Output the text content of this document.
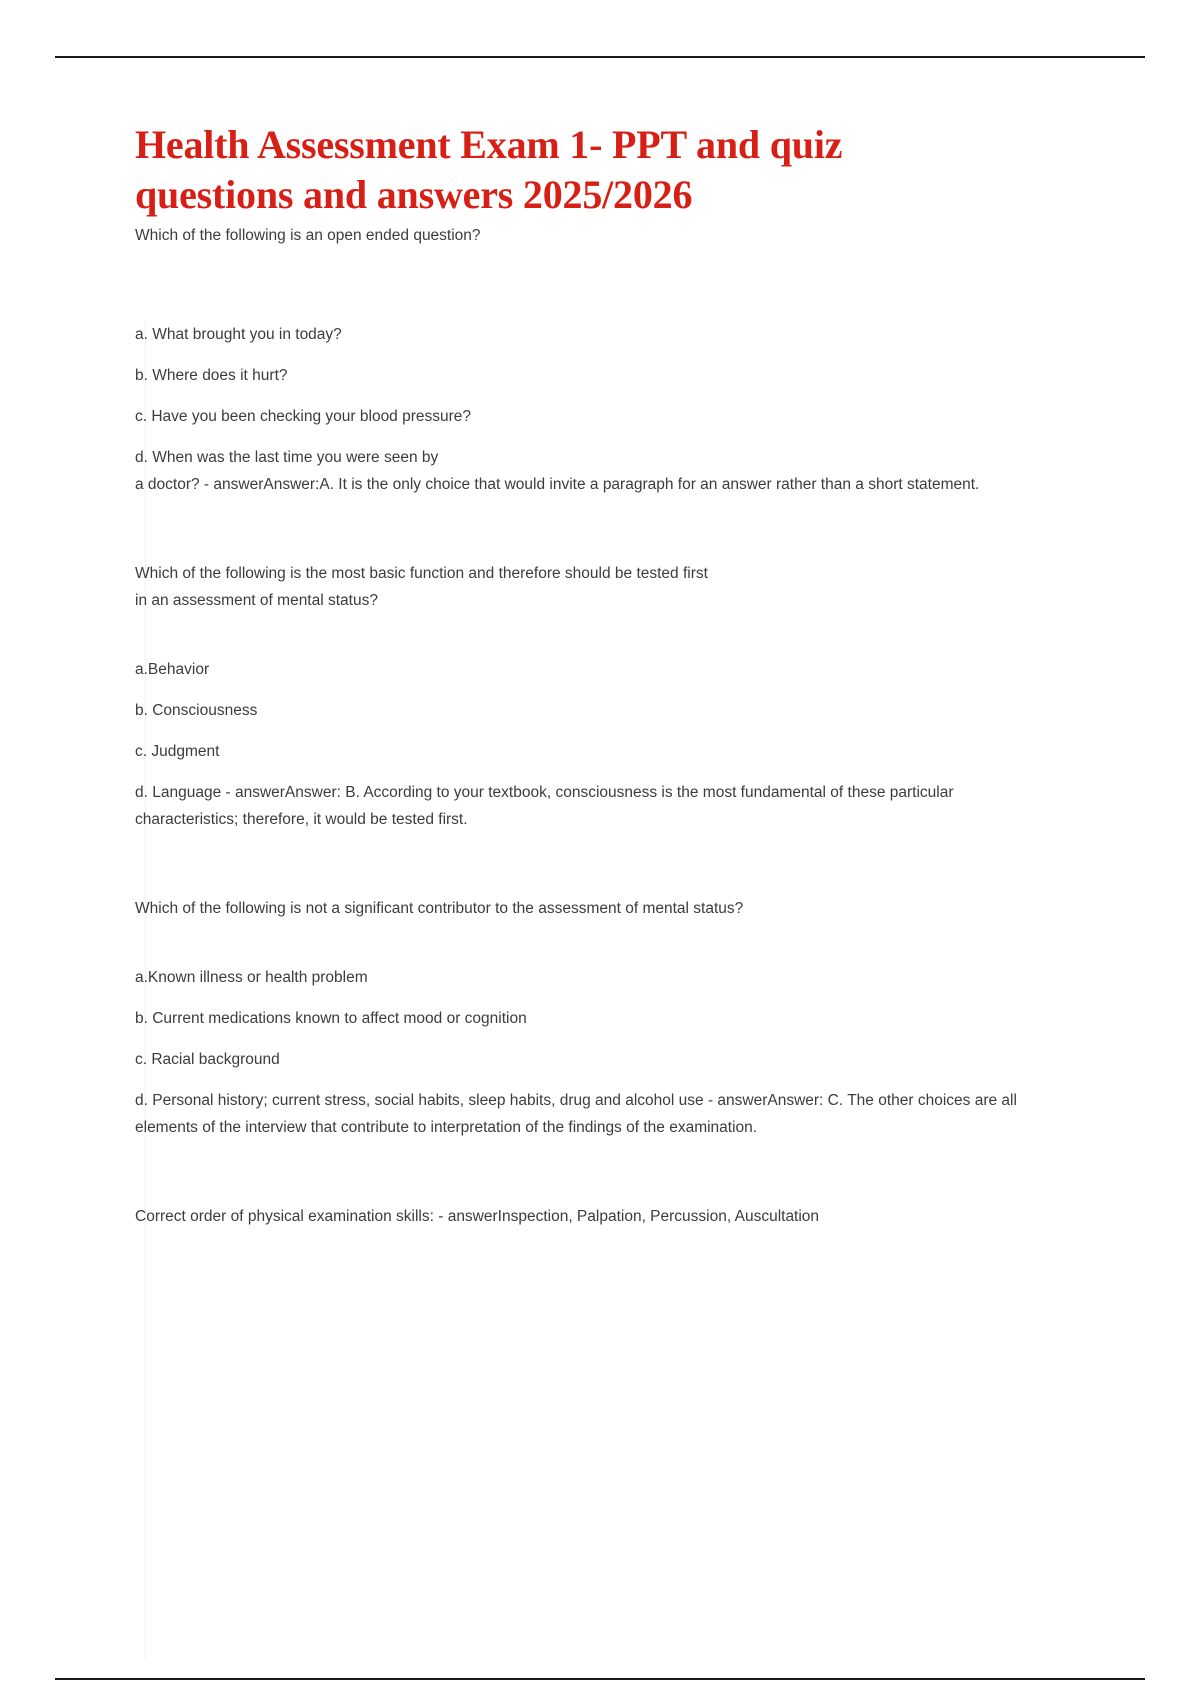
Health Assessment Exam 1- PPT and quiz questions and answers 2025/2026

Which of the following is an open ended question?

a. What brought you in today?

b. Where does it hurt?

c. Have you been checking your blood pressure?

d. When was the last time you were seen by

a doctor? - answerAnswer:A. It is the only choice that would invite a paragraph for an answer rather than a short statement.

Which of the following is the most basic function and therefore should be tested first

in an assessment of mental status?

a.Behavior

b. Consciousness

c. Judgment

d. Language - answerAnswer: B. According to your textbook, consciousness is the most fundamental of these particular characteristics; therefore, it would be tested first.

Which of the following is not a significant contributor to the assessment of mental status?

a.Known illness or health problem

b. Current medications known to affect mood or cognition

c. Racial background

d. Personal history; current stress, social habits, sleep habits, drug and alcohol use - answerAnswer: C. The other choices are all elements of the interview that contribute to interpretation of the findings of the examination.

Correct order of physical examination skills: - answerInspection, Palpation, Percussion, Auscultation
